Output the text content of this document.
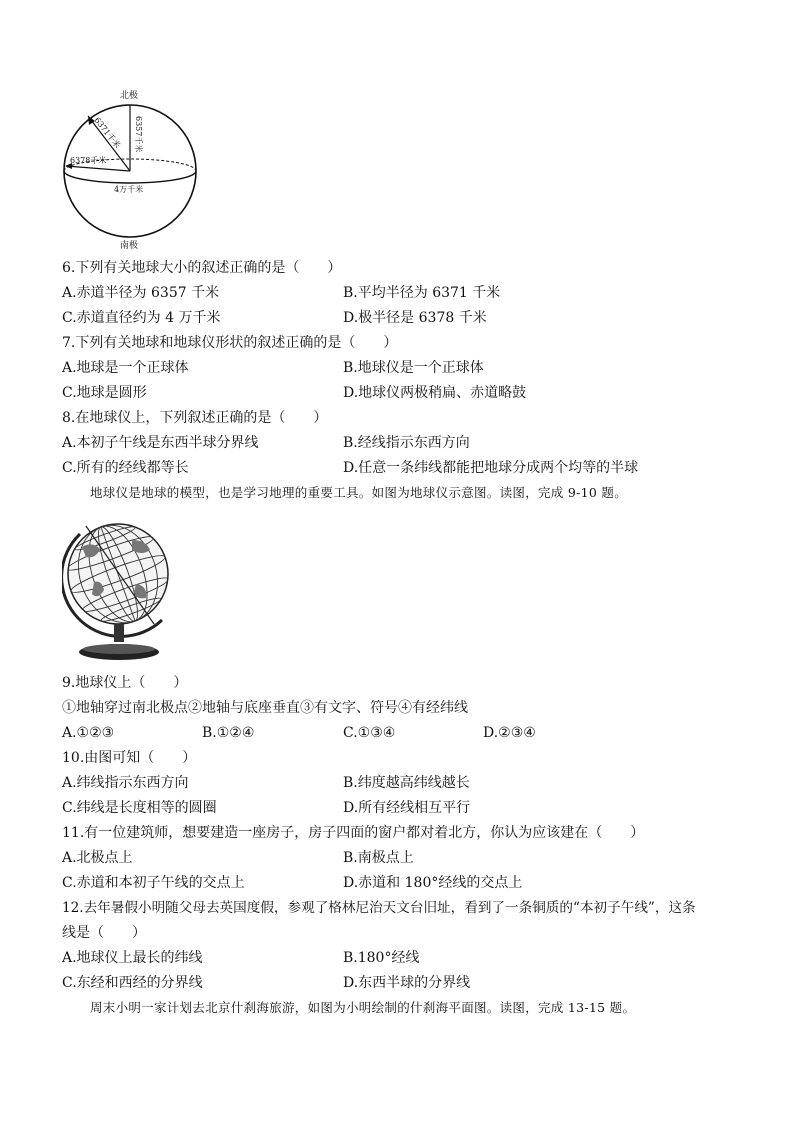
北极
6357千米
6371千米
6378千米
4万千米
南极
6.下列有关地球大小的叙述正确的是（　　）
A.赤道半径为 6357 千米	B.平均半径为 6371 千米
C.赤道直径约为 4 万千米	D.极半径是 6378 千米
7.下列有关地球和地球仪形状的叙述正确的是（　　）
A.地球是一个正球体	B.地球仪是一个正球体
C.地球是圆形	D.地球仪两极稍扁、赤道略鼓
8.在地球仪上，下列叙述正确的是（　　）
A.本初子午线是东西半球分界线	B.经线指示东西方向
C.所有的经线都等长	D.任意一条纬线都能把地球分成两个均等的半球
地球仪是地球的模型，也是学习地理的重要工具。如图为地球仪示意图。读图，完成 9-10 题。
9.地球仪上（　　）
①地轴穿过南北极点②地轴与底座垂直③有文字、符号④有经纬线
A.①②③	B.①②④	C.①③④	D.②③④
10.由图可知（　　）
A.纬线指示东西方向	B.纬度越高纬线越长
C.纬线是长度相等的圆圈	D.所有经线相互平行
11.有一位建筑师，想要建造一座房子，房子四面的窗户都对着北方，你认为应该建在（　　）
A.北极点上	B.南极点上
C.赤道和本初子午线的交点上	D.赤道和 180°经线的交点上
12.去年暑假小明随父母去英国度假，参观了格林尼治天文台旧址，看到了一条铜质的“本初子午线”，这条
线是（　　）
A.地球仪上最长的纬线	B.180°经线
C.东经和西经的分界线	D.东西半球的分界线
周末小明一家计划去北京什刹海旅游，如图为小明绘制的什刹海平面图。读图，完成 13-15 题。
